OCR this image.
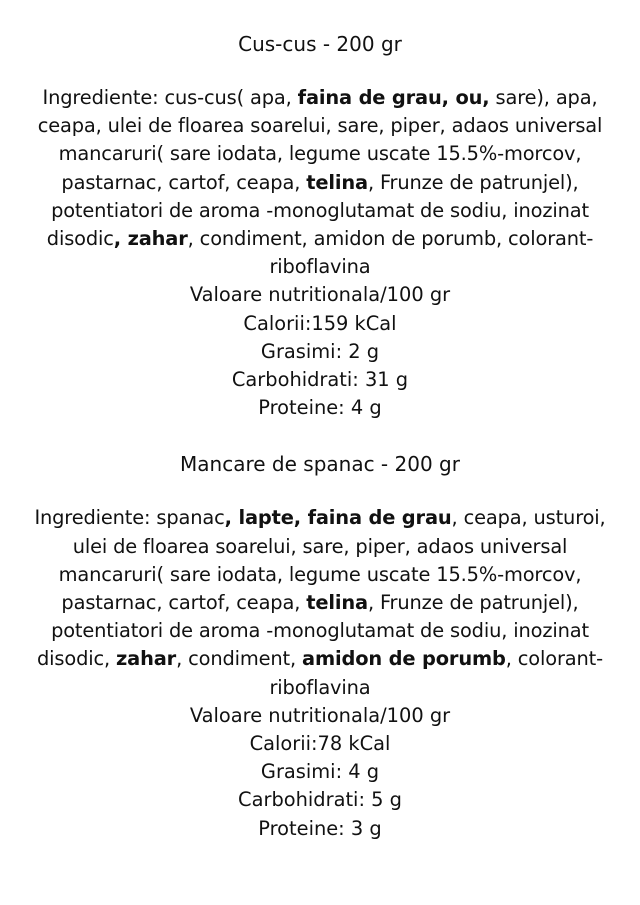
Cus-cus - 200 gr

Ingrediente: cus-cus( apa, faina de grau, ou, sare), apa, ceapa, ulei de floarea soarelui, sare, piper, adaos universal mancaruri( sare iodata, legume uscate 15.5%-morcov, pastarnac, cartof, ceapa, telina, Frunze de patrunjel), potentiatori de aroma -monoglutamat de sodiu, inozinat disodic, zahar, condiment, amidon de porumb, colorant-riboflavina

Valoare nutritionala/100 gr
Calorii:159 kCal
Grasimi: 2 g
Carbohidrati: 31 g
Proteine: 4 g
Mancare de spanac - 200 gr

Ingrediente: spanac, lapte, faina de grau, ceapa, usturoi, ulei de floarea soarelui, sare, piper, adaos universal mancaruri( sare iodata, legume uscate 15.5%-morcov, pastarnac, cartof, ceapa, telina, Frunze de patrunjel), potentiatori de aroma -monoglutamat de sodiu, inozinat disodic, zahar, condiment, amidon de porumb, colorant-riboflavina

Valoare nutritionala/100 gr
Calorii:78 kCal
Grasimi: 4 g
Carbohidrati: 5 g
Proteine: 3 g
